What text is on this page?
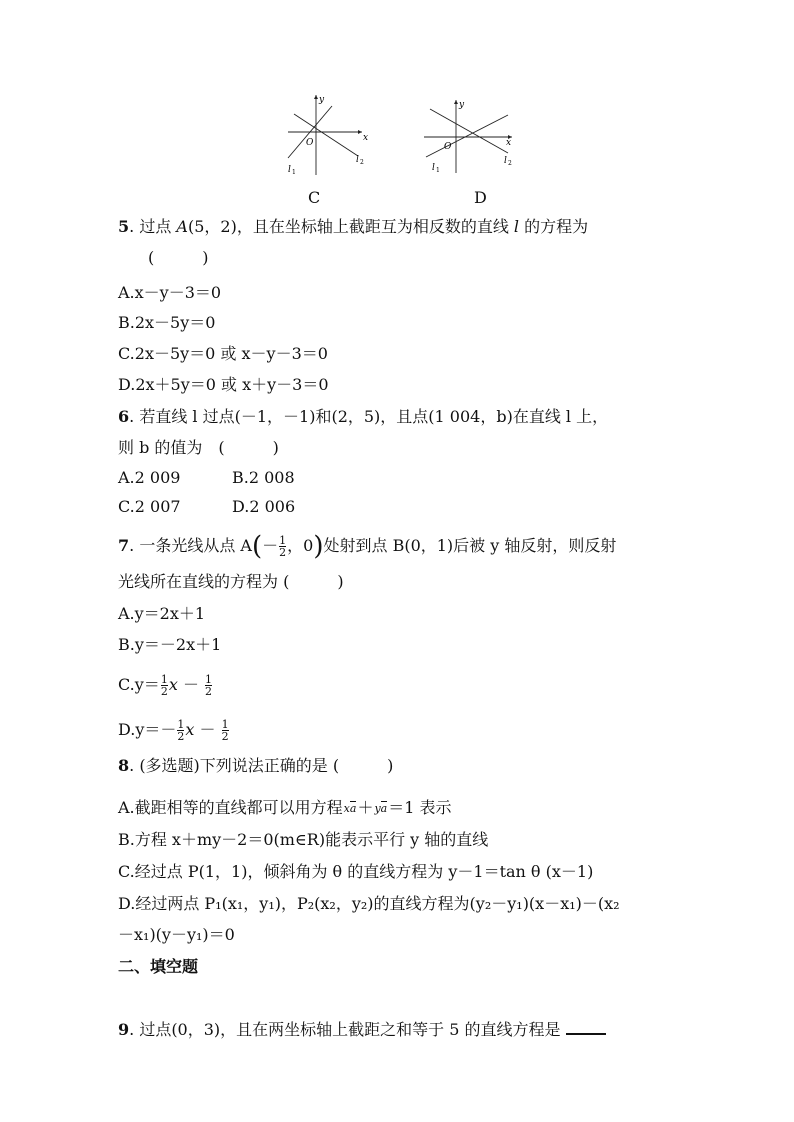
y
x
O
l 1
l 2
C
y
x
O
l 1
l 2
D
5. 过点 A(5，2)，且在坐标轴上截距互为相反数的直线 l 的方程为
(　　　)
A.x－y－3＝0
B.2x－5y＝0
C.2x－5y＝0 或 x－y－3＝0
D.2x＋5y＝0 或 x＋y－3＝0
6. 若直线 l 过点(－1，－1)和(2，5)，且点(1 004，b)在直线 l 上，
则 b 的值为　(　　　)
A.2 009	B.2 008
C.2 007	D.2 006
7. 一条光线从点 $A(- \frac{1}{2}$ ，0)处射到点 B(0，1)后被 y 轴反射，则反射
光线所在直线的方程为 (　　　)
A.y＝2x＋1
B.y＝－2x＋1
$C.y= \frac{1}{2}$ $x - \frac{1}{2}$
$D.y=- \frac{1}{2}$ $x - \frac{1}{2}$
8. (多选题)下列说法正确的是 (　　　)
A.截距相等的直线都可以用方程xa＋ya＝1 表示
B.方程 x＋my－2＝0(m∈R)能表示平行 y 轴的直线
C.经过点 P(1，1)，倾斜角为 θ 的直线方程为 y－1＝tan θ (x－1)
D.经过两点 P₁(x₁，y₁)，P₂(x₂，y₂)的直线方程为(y₂－y₁)(x－x₁)－(x₂
－x₁)(y－y₁)＝0
二、填空题
9. 过点(0，3)，且在两坐标轴上截距之和等于 5 的直线方程是
